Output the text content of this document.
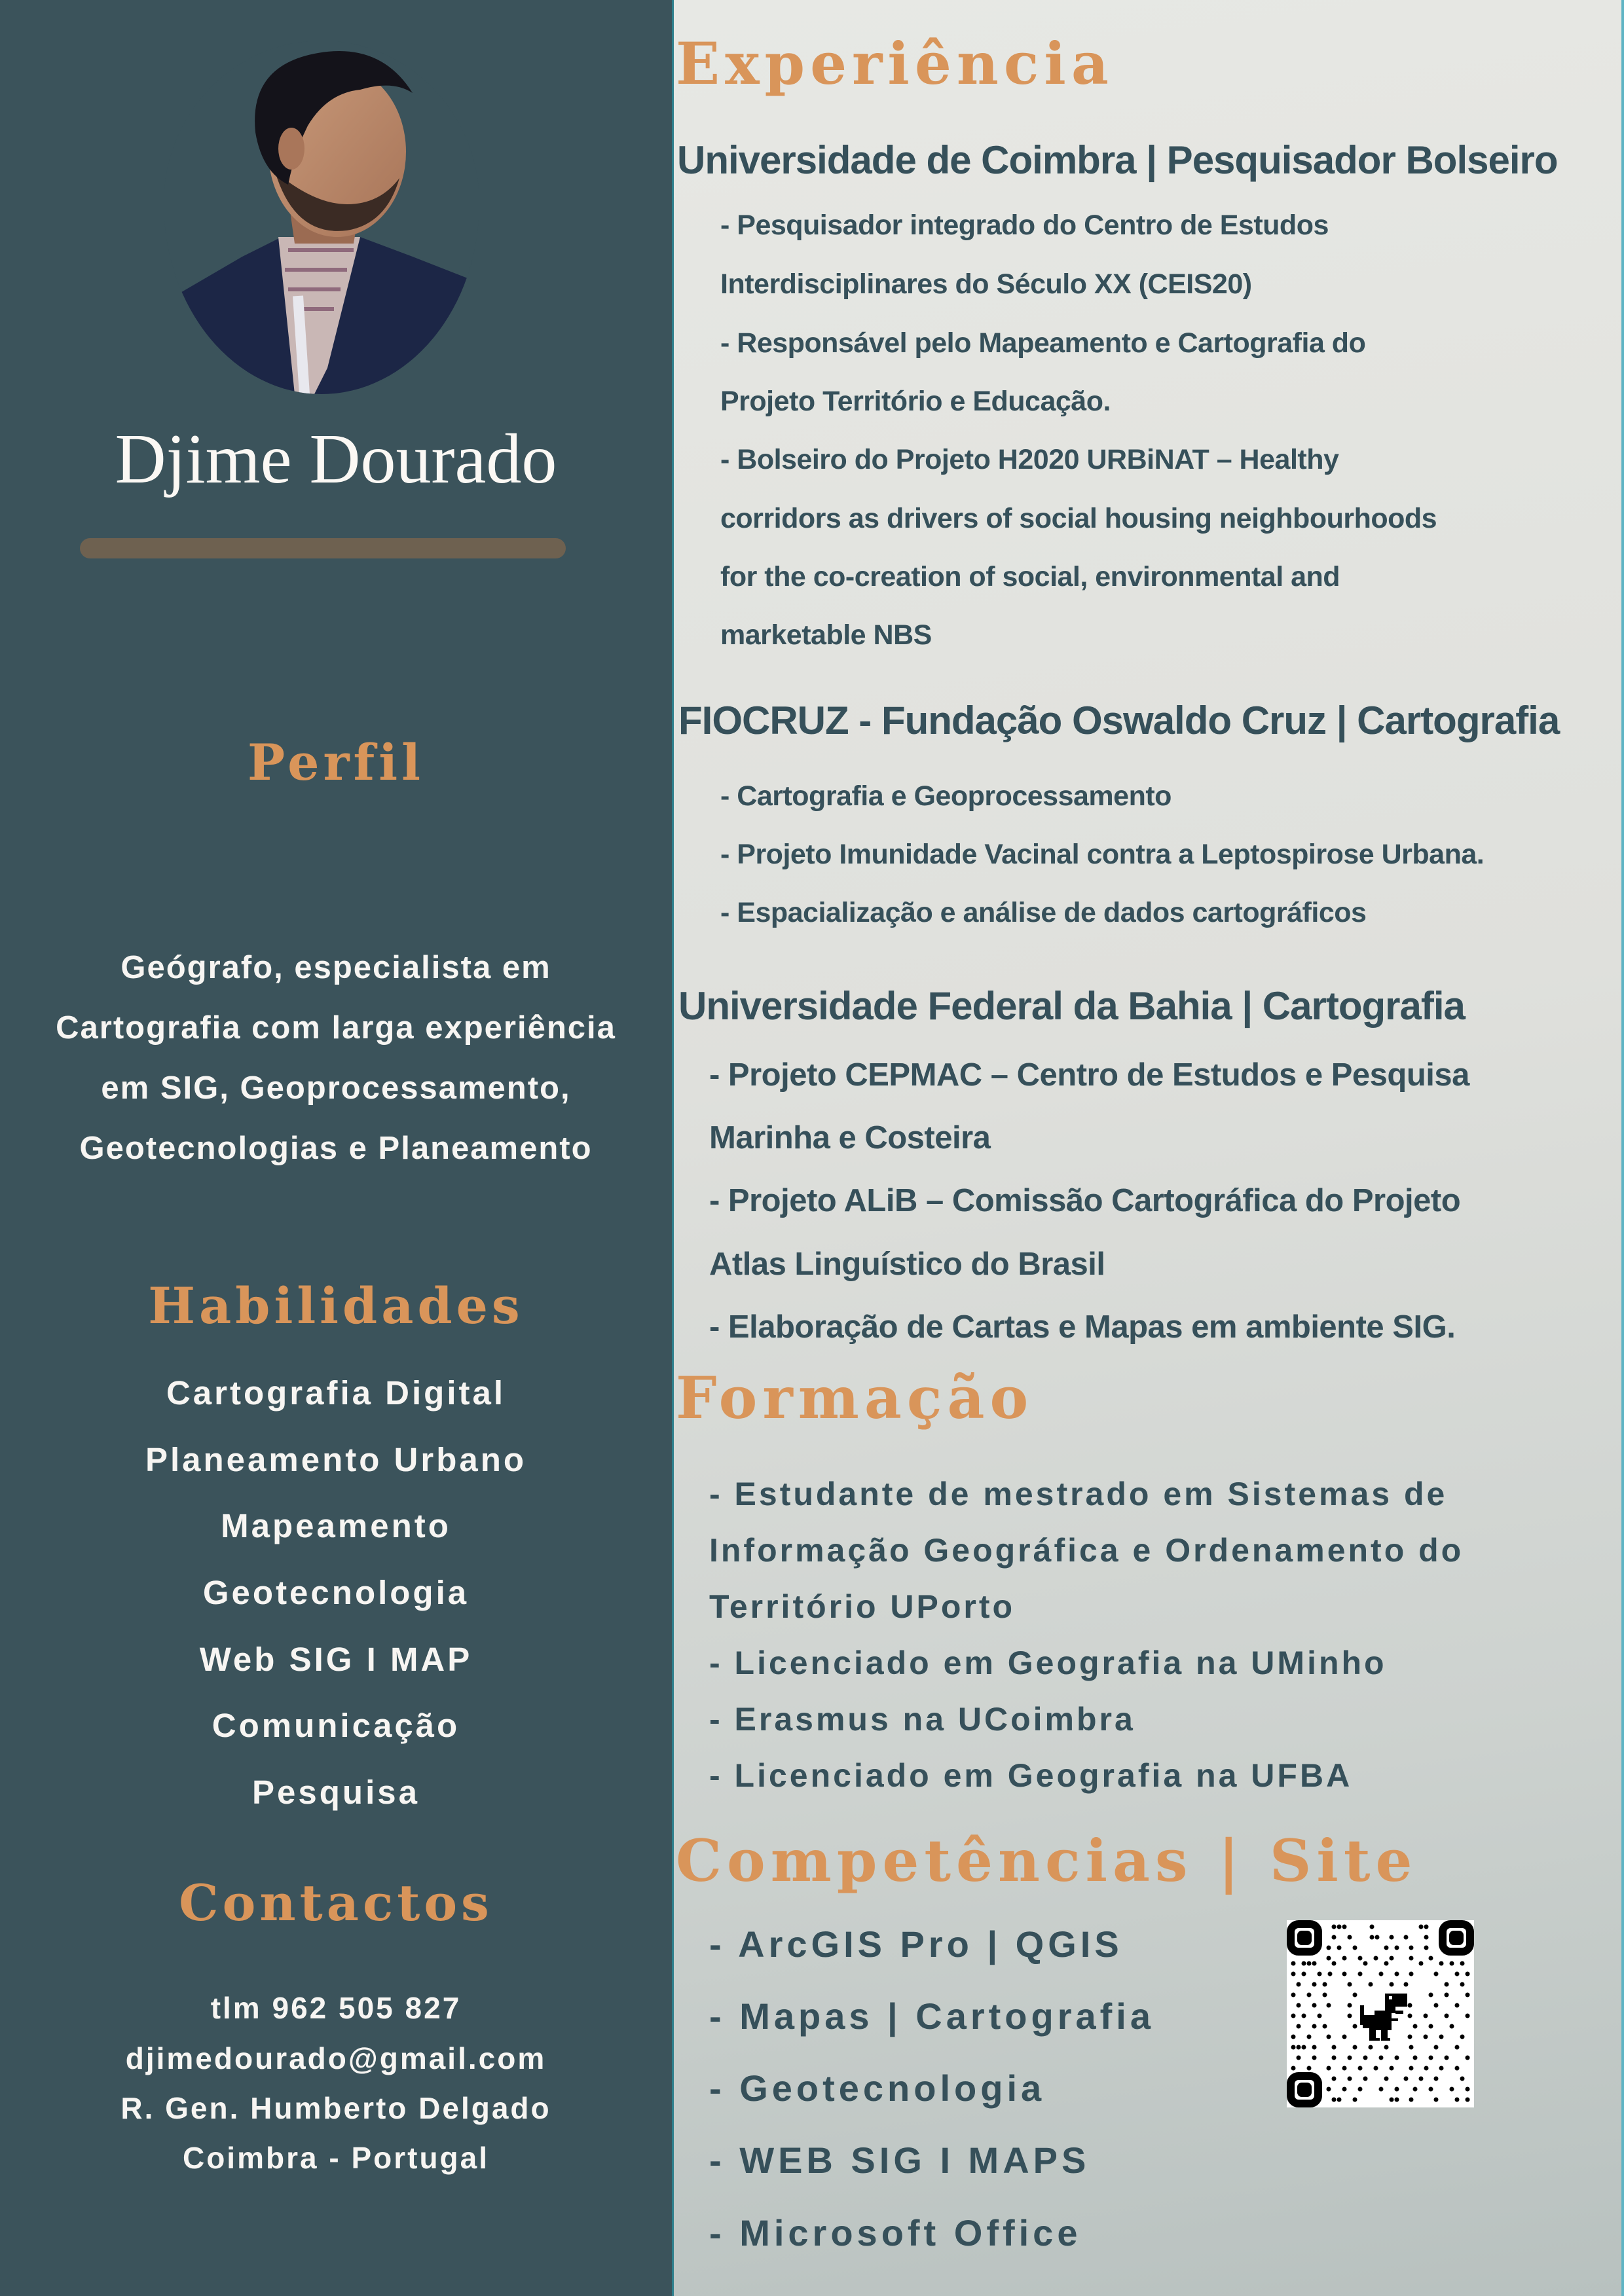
Djime Dourado
Perfil
Geógrafo, especialista em
Cartografia com larga experiência
em SIG, Geoprocessamento,
Geotecnologias e Planeamento
Habilidades
Cartografia Digital
Planeamento Urbano
Mapeamento
Geotecnologia
Web SIG I MAP
Comunicação
Pesquisa
Contactos
tlm 962 505 827
djimedourado@gmail.com
R. Gen. Humberto Delgado
Coimbra - Portugal
Experiência
Universidade de Coimbra | Pesquisador Bolseiro
- Pesquisador integrado do Centro de Estudos
Interdisciplinares do Século XX (CEIS20)
- Responsável pelo Mapeamento e Cartografia do
Projeto Território e Educação.
- Bolseiro do Projeto H2020 URBiNAT – Healthy
corridors as drivers of social housing neighbourhoods
for the co-creation of social, environmental and
marketable NBS
FIOCRUZ - Fundação Oswaldo Cruz | Cartografia
- Cartografia e Geoprocessamento
- Projeto Imunidade Vacinal contra a Leptospirose Urbana.
- Espacialização e análise de dados cartográficos
Universidade Federal da Bahia | Cartografia
- Projeto CEPMAC – Centro de Estudos e Pesquisa
Marinha e Costeira
- Projeto ALiB – Comissão Cartográfica do Projeto
Atlas Linguístico do Brasil
- Elaboração de Cartas e Mapas em ambiente SIG.
Formação
- Estudante de mestrado em Sistemas de
Informação Geográfica e Ordenamento do
Território UPorto
- Licenciado em Geografia na UMinho
- Erasmus na UCoimbra
- Licenciado em Geografia na UFBA
Competências | Site
- ArcGIS Pro | QGIS
- Mapas | Cartografia
- Geotecnologia
- WEB SIG I MAPS
- Microsoft Office
